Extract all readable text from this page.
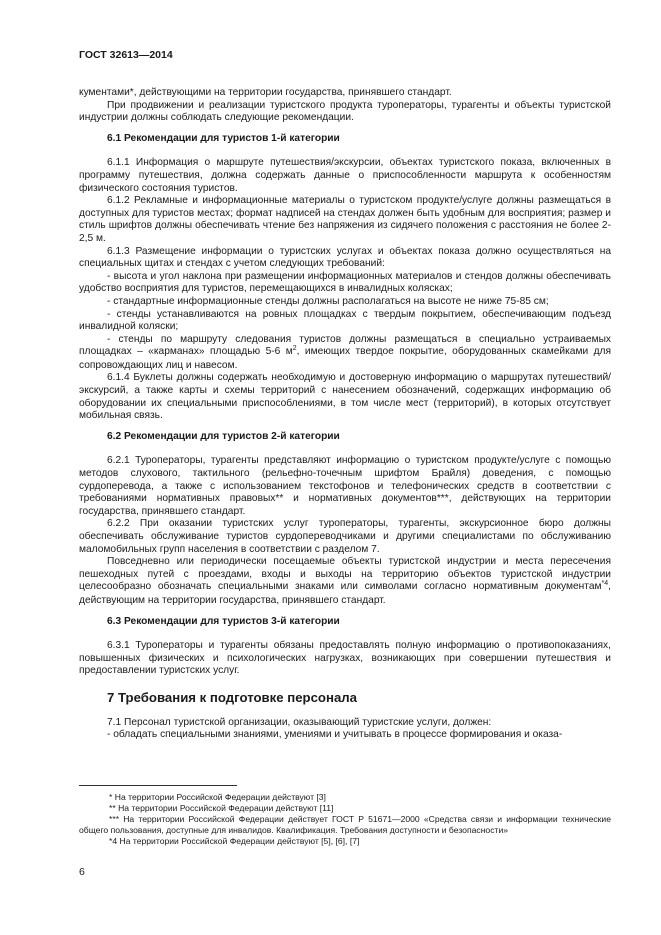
ГОСТ 32613—2014

кументами*, действующими на территории государства, принявшего стандарт.

При продвижении и реализации туристского продукта туроператоры, турагенты и объекты туристской индустрии должны соблюдать следующие рекомендации.

6.1 Рекомендации для туристов 1-й категории

6.1.1 Информация о маршруте путешествия/экскурсии, объектах туристского показа, включенных в программу путешествия, должна содержать данные о приспособленности маршрута к особенностям физического состояния туристов.

6.1.2 Рекламные и информационные материалы о туристском продукте/услуге должны размещаться в доступных для туристов местах; формат надписей на стендах должен быть удобным для восприятия; размер и стиль шрифтов должны обеспечивать чтение без напряжения из сидячего положения с расстояния не более 2-2,5 м.

6.1.3 Размещение информации о туристских услугах и объектах показа должно осуществляться на специальных щитах и стендах с учетом следующих требований:

- высота и угол наклона при размещении информационных материалов и стендов должны обеспечивать удобство восприятия для туристов, перемещающихся в инвалидных колясках;

- стандартные информационные стенды должны располагаться на высоте не ниже 75-85 см;

- стенды устанавливаются на ровных площадках с твердым покрытием, обеспечивающим подъезд инвалидной коляски;

- стенды по маршруту следования туристов должны размещаться в специально устраиваемых площадках – «карманах» площадью 5-6 $м^2$, имеющих твердое покрытие, оборудованных скамейками для сопровождающих лиц и навесом.

6.1.4 Буклеты должны содержать необходимую и достоверную информацию о маршрутах путешествий/экскурсий, а также карты и схемы территорий с нанесением обозначений, содержащих информацию об оборудовании их специальными приспособлениями, в том числе мест (территорий), в которых отсутствует мобильная связь.

6.2 Рекомендации для туристов 2-й категории

6.2.1 Туроператоры, турагенты представляют информацию о туристском продукте/услуге с помощью методов слухового, тактильного (рельефно-точечным шрифтом Брайля) доведения, с помощью сурдоперевода, а также с использованием текстофонов и телефонических средств в соответствии с требованиями нормативных правовых** и нормативных документов***, действующих на территории государства, принявшего стандарт.

6.2.2 При оказании туристских услуг туроператоры, турагенты, экскурсионное бюро должны обеспечивать обслуживание туристов сурдопереводчиками и другими специалистами по обслуживанию маломобильных групп населения в соответствии с разделом 7.

Повседневно или периодически посещаемые объекты туристской индустрии и места пересечения пешеходных путей с проездами, входы и выходы на территорию объектов туристской индустрии целесообразно обозначать специальными знаками или символами согласно нормативным документам$^{*4}$, действующим на территории государства, принявшего стандарт.

6.3 Рекомендации для туристов 3-й категории

6.3.1 Туроператоры и турагенты обязаны предоставлять полную информацию о противопоказаниях, повышенных физических и психологических нагрузках, возникающих при совершении путешествия и предоставлении туристских услуг.

7 Требования к подготовке персонала

7.1 Персонал туристской организации, оказывающий туристские услуги, должен:

- обладать специальными знаниями, умениями и учитывать в процессе формирования и оказа-

* На территории Российской Федерации действуют [3]

** На территории Российской Федерации действуют [11]

*** На территории Российской Федерации действует ГОСТ Р 51671—2000 «Средства связи и информации технические общего пользования, доступные для инвалидов. Квалификация. Требования доступности и безопасности»

*4 На территории Российской Федерации действуют [5], [6], [7]

6
